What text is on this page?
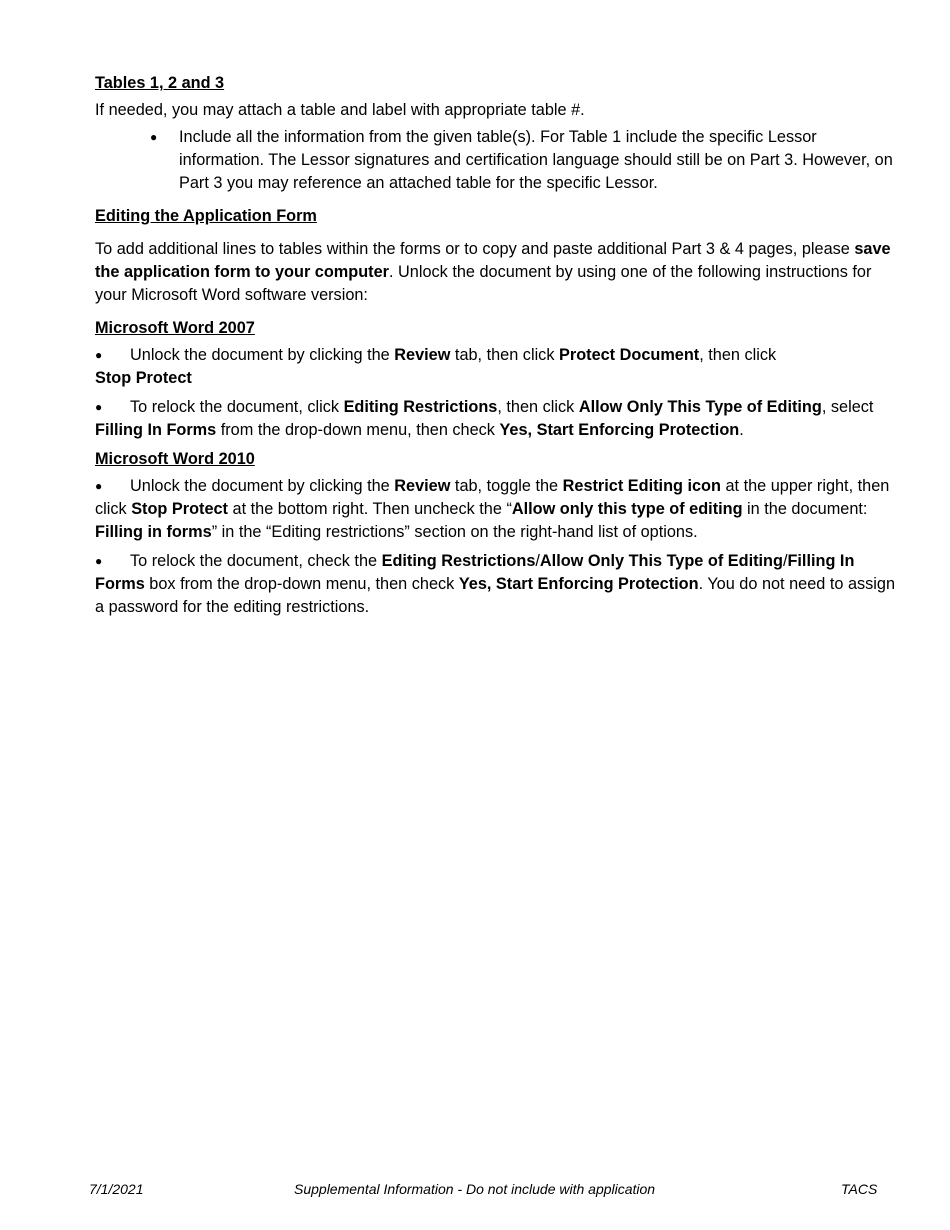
Tables 1, 2 and 3

If needed, you may attach a table and label with appropriate table #.

●	Include all the information from the given table(s). For Table 1 include the specific Lessor information. The Lessor signatures and certification language should still be on Part 3. However, on Part 3 you may reference an attached table for the specific Lessor.

Editing the Application Form

To add additional lines to tables within the forms or to copy and paste additional Part 3 & 4 pages, please save the application form to your computer. Unlock the document by using one of the following instructions for your Microsoft Word software version:

Microsoft Word 2007

● Unlock the document by clicking the Review tab, then click Protect Document, then click
Stop Protect

● To relock the document, click Editing Restrictions, then click Allow Only This Type of Editing, select Filling In Forms from the drop-down menu, then check Yes, Start Enforcing Protection.

Microsoft Word 2010

● Unlock the document by clicking the Review tab, toggle the Restrict Editing icon at the upper right, then click Stop Protect at the bottom right. Then uncheck the “Allow only this type of editing in the document: Filling in forms” in the “Editing restrictions” section on the right-hand list of options.

● To relock the document, check the Editing Restrictions/Allow Only This Type of Editing/Filling In Forms box from the drop-down menu, then check Yes, Start Enforcing Protection. You do not need to assign a password for the editing restrictions.

7/1/2021	Supplemental Information - Do not include with application	TACS
